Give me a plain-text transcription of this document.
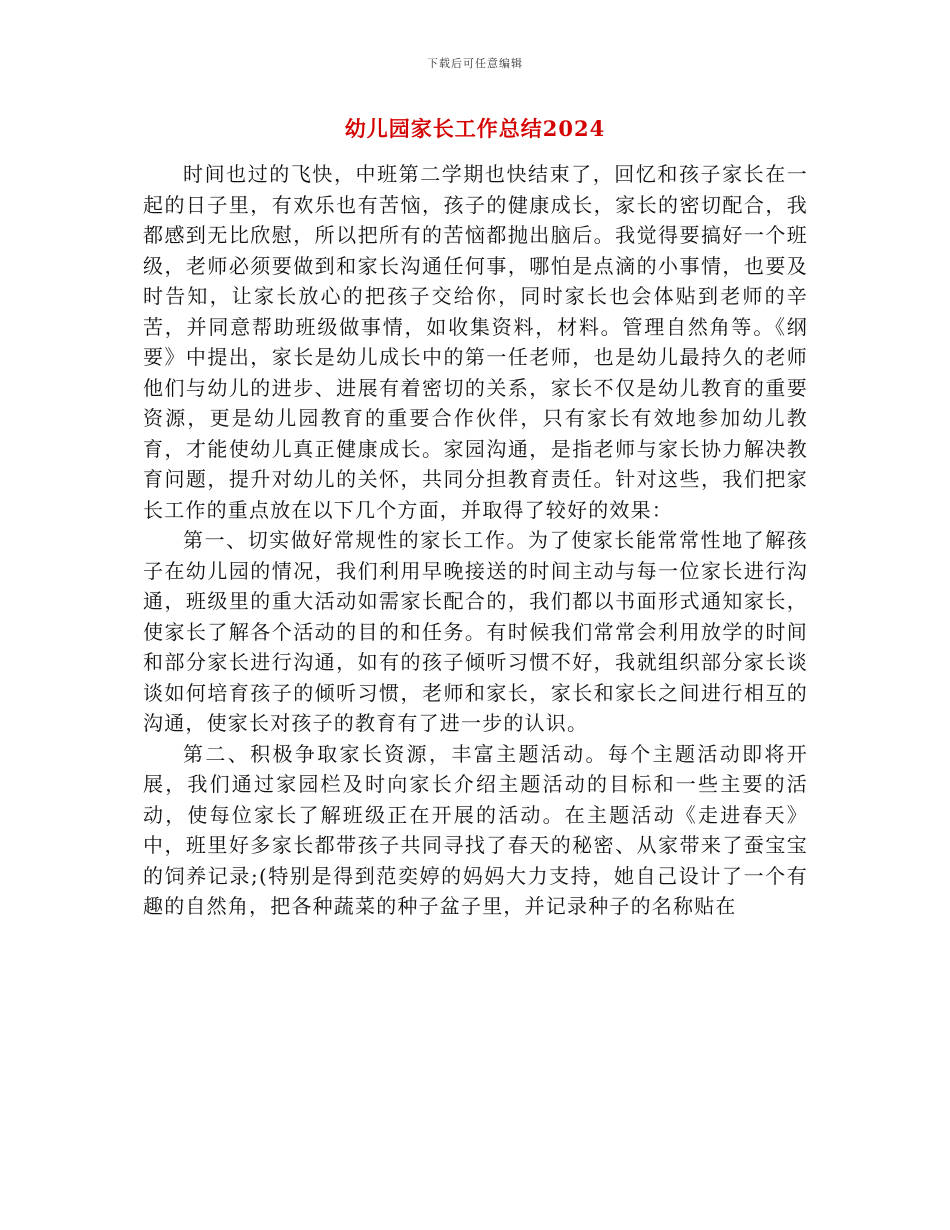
下载后可任意编辑
幼儿园家长工作总结2024

时间也过的飞快，中班第二学期也快结束了，回忆和孩子家长在一起的日子里，有欢乐也有苦恼，孩子的健康成长，家长的密切配合，我都感到无比欣慰，所以把所有的苦恼都抛出脑后。我觉得要搞好一个班级，老师必须要做到和家长沟通任何事，哪怕是点滴的小事情，也要及时告知，让家长放心的把孩子交给你，同时家长也会体贴到老师的辛苦，并同意帮助班级做事情，如收集资料，材料。管理自然角等。《纲要》中提出，家长是幼儿成长中的第一任老师，也是幼儿最持久的老师他们与幼儿的进步、进展有着密切的关系，家长不仅是幼儿教育的重要资源，更是幼儿园教育的重要合作伙伴，只有家长有效地参加幼儿教育，才能使幼儿真正健康成长。家园沟通，是指老师与家长协力解决教育问题，提升对幼儿的关怀，共同分担教育责任。针对这些，我们把家长工作的重点放在以下几个方面，并取得了较好的效果：

第一、切实做好常规性的家长工作。为了使家长能常常性地了解孩子在幼儿园的情况，我们利用早晚接送的时间主动与每一位家长进行沟通，班级里的重大活动如需家长配合的，我们都以书面形式通知家长，使家长了解各个活动的目的和任务。有时候我们常常会利用放学的时间和部分家长进行沟通，如有的孩子倾听习惯不好，我就组织部分家长谈谈如何培育孩子的倾听习惯，老师和家长，家长和家长之间进行相互的沟通，使家长对孩子的教育有了进一步的认识。

第二、积极争取家长资源，丰富主题活动。每个主题活动即将开展，我们通过家园栏及时向家长介绍主题活动的目标和一些主要的活动，使每位家长了解班级正在开展的活动。在主题活动《走进春天》中，班里好多家长都带孩子共同寻找了春天的秘密、从家带来了蚕宝宝的饲养记录;(特别是得到范奕婷的妈妈大力支持，她自己设计了一个有趣的自然角，把各种蔬菜的种子盆子里，并记录种子的名称贴在
